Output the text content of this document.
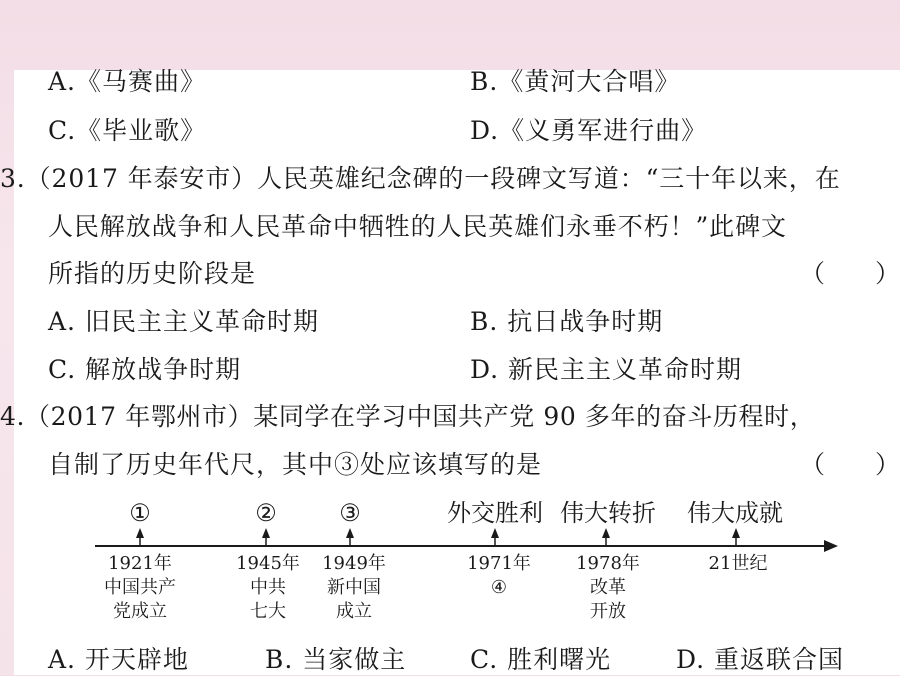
A.《马赛曲》	B.《黄河大合唱》
C.《毕业歌》	D.《义勇军进行曲》
3.（2017 年泰安市）人民英雄纪念碑的一段碑文写道：“三十年以来，在
人民解放战争和人民革命中牺牲的人民英雄们永垂不朽！”此碑文
所指的历史阶段是	（　　）
A. 旧民主主义革命时期	B. 抗日战争时期
C. 解放战争时期	D. 新民主主义革命时期
4.（2017 年鄂州市）某同学在学习中国共产党 90 多年的奋斗历程时，
自制了历史年代尺，其中③处应该填写的是	（　　）
①	②	③	外交胜利 伟大转折 伟大成就
1921年
中国共产
党成立
1945年
中共
七大
1949年
新中国
成立
1971年
④
1978年
改革
开放
21世纪
A. 开天辟地	B. 当家做主	C. 胜利曙光	D. 重返联合国
